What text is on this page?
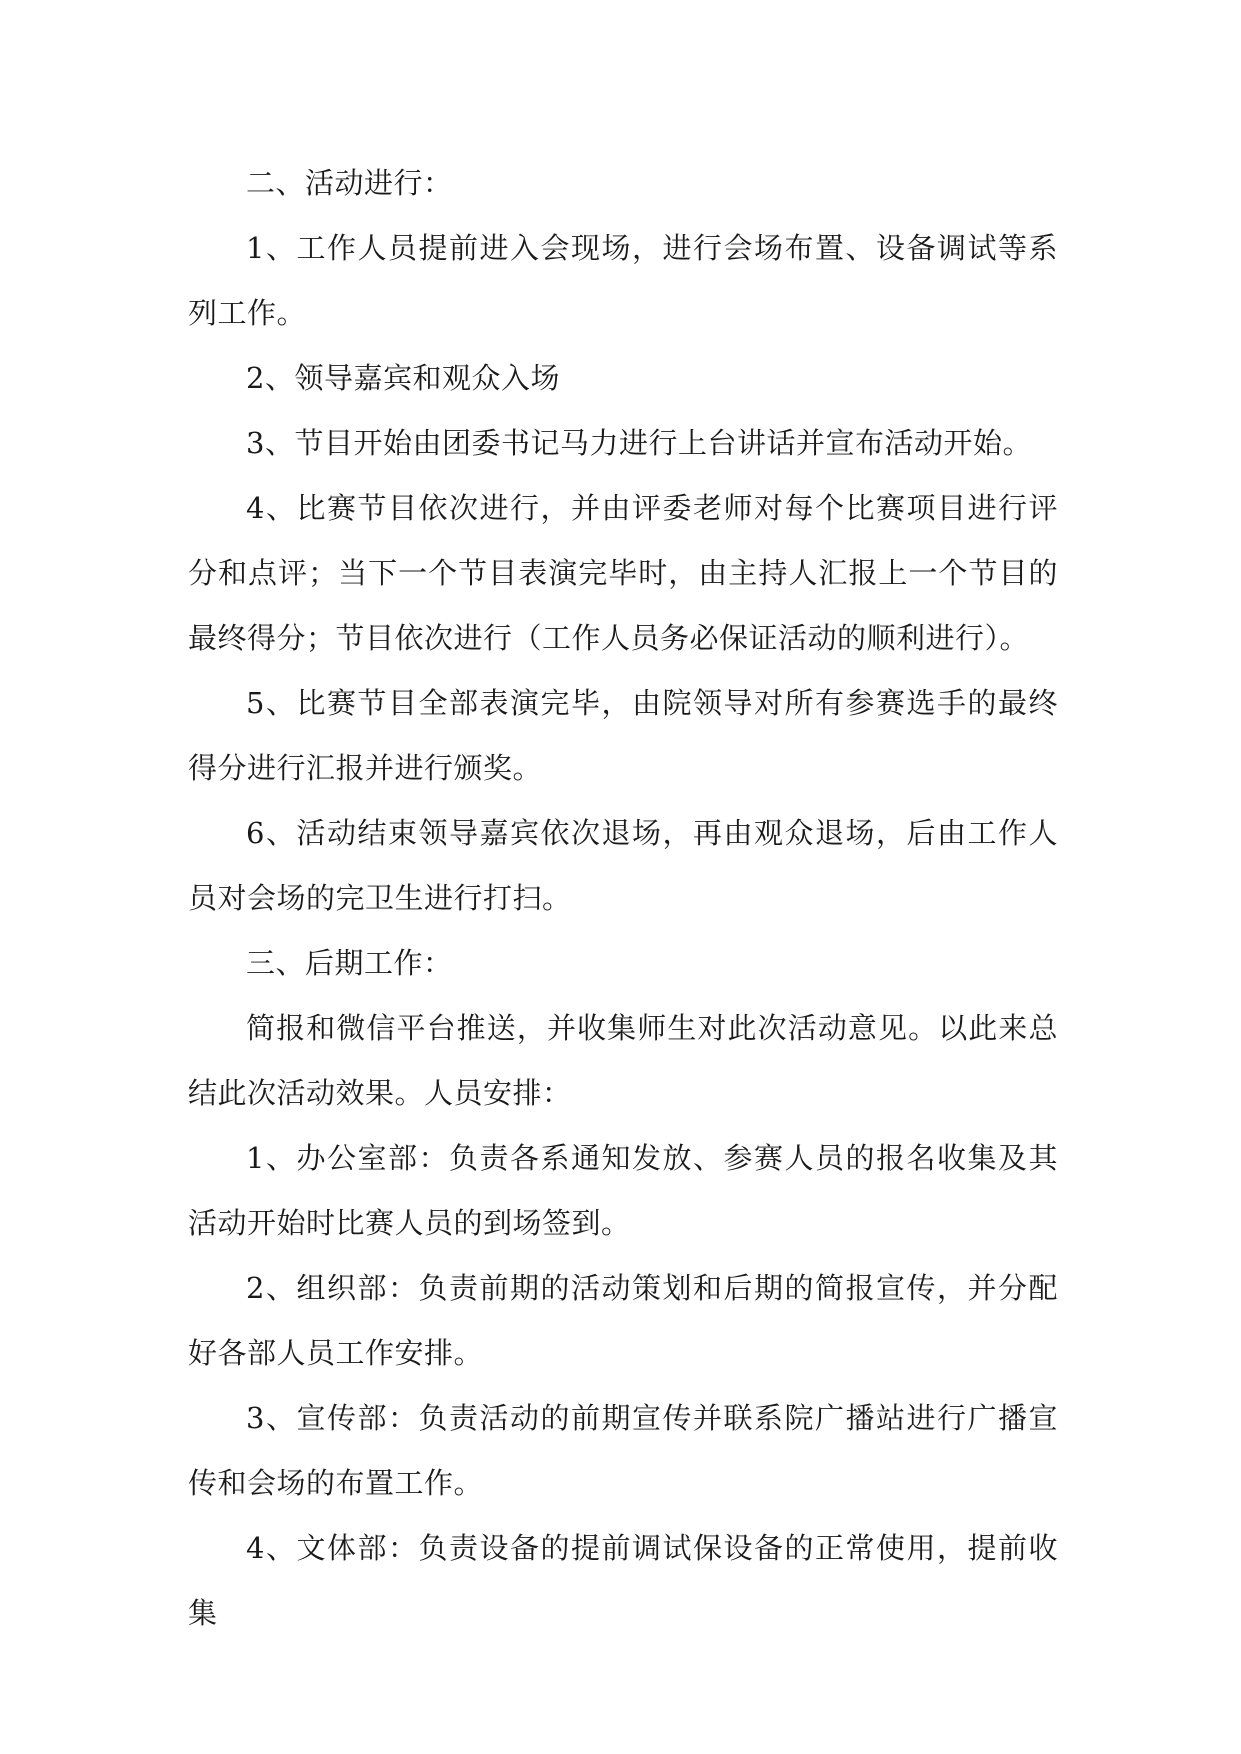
二、活动进行：

1、工作人员提前进入会现场，进行会场布置、设备调试等系列工作。

2、领导嘉宾和观众入场

3、节目开始由团委书记马力进行上台讲话并宣布活动开始。

4、比赛节目依次进行，并由评委老师对每个比赛项目进行评分和点评；当下一个节目表演完毕时，由主持人汇报上一个节目的最终得分；节目依次进行（工作人员务必保证活动的顺利进行）。

5、比赛节目全部表演完毕，由院领导对所有参赛选手的最终得分进行汇报并进行颁奖。

6、活动结束领导嘉宾依次退场，再由观众退场，后由工作人员对会场的完卫生进行打扫。

三、后期工作：

简报和微信平台推送，并收集师生对此次活动意见。以此来总结此次活动效果。人员安排：

1、办公室部：负责各系通知发放、参赛人员的报名收集及其活动开始时比赛人员的到场签到。

2、组织部：负责前期的活动策划和后期的简报宣传，并分配好各部人员工作安排。

3、宣传部：负责活动的前期宣传并联系院广播站进行广播宣传和会场的布置工作。

4、文体部：负责设备的提前调试保设备的正常使用，提前收集
